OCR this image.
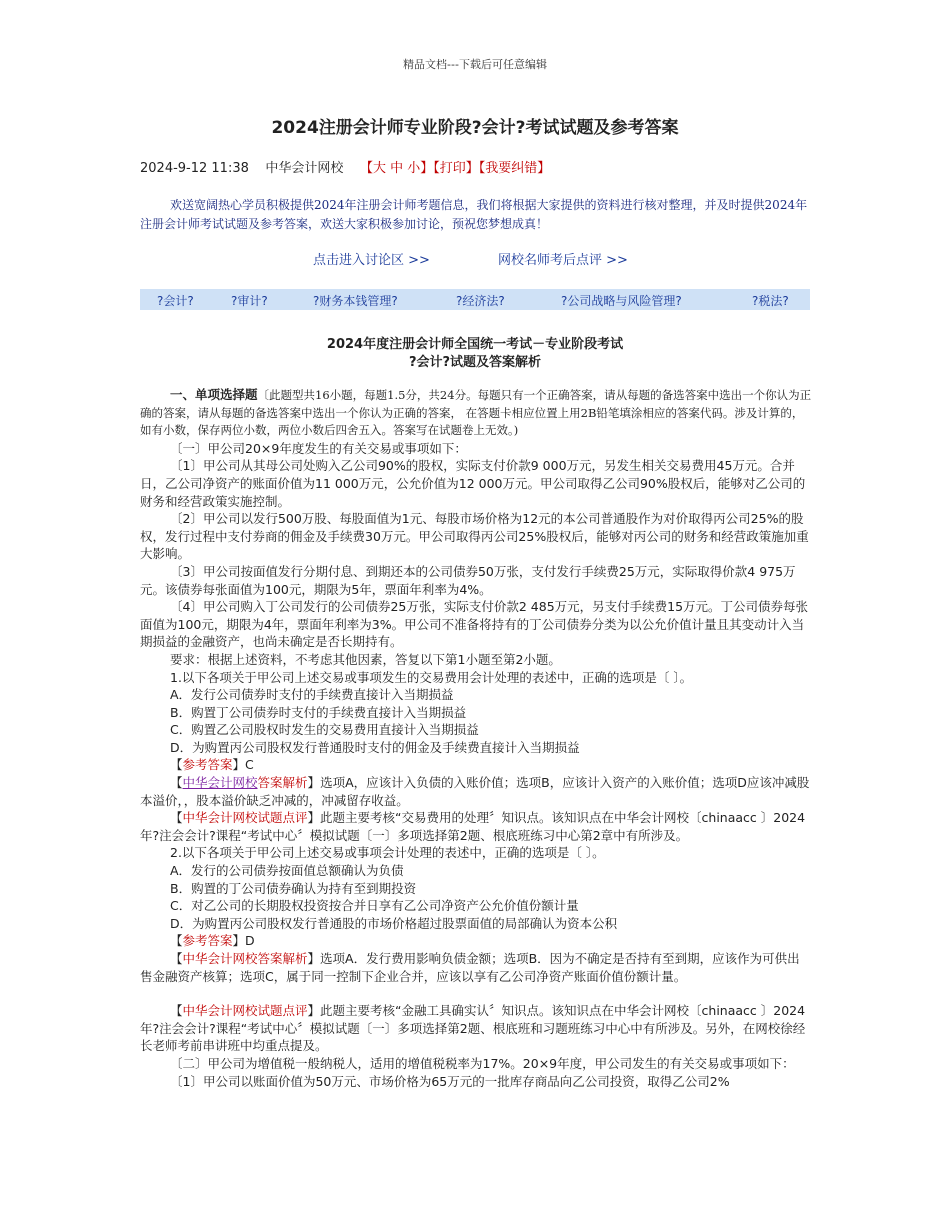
精品文档---下载后可任意编辑
2024注册会计师专业阶段?会计?考试试题及参考答案
2024-9-12 11:38 中华会计网校 【大 中 小】【打印】【我要纠错】
欢送宽阔热心学员积极提供2024年注册会计师考题信息，我们将根据大家提供的资料进行核对整理，并及时提供2024年注册会计师考试试题及参考答案，欢送大家积极参加讨论，预祝您梦想成真！
点击进入讨论区 >>	网校名师考后点评 >>
?会计?	?审计?	?财务本钱管理?	?经济法?	?公司战略与风险管理?	?税法?
2024年度注册会计师全国统一考试－专业阶段考试
?会计?试题及答案解析

一、单项选择题〔此题型共16小题，每题1.5分，共24分。每题只有一个正确答案，请从每题的备选答案中选出一个你认为正确的答案，请从每题的备选答案中选出一个你认为正确的答案， 在答题卡相应位置上用2B铅笔填涂相应的答案代码。涉及计算的，如有小数，保存两位小数，两位小数后四舍五入。答案写在试题卷上无效。)

〔一〕甲公司20×9年度发生的有关交易或事项如下：

〔1〕甲公司从其母公司处购入乙公司90%的股权，实际支付价款9 000万元，另发生相关交易费用45万元。合并日，乙公司净资产的账面价值为11 000万元，公允价值为12 000万元。甲公司取得乙公司90%股权后，能够对乙公司的财务和经营政策实施控制。

〔2〕甲公司以发行500万股、每股面值为1元、每股市场价格为12元的本公司普通股作为对价取得丙公司25%的股权，发行过程中支付券商的佣金及手续费30万元。甲公司取得丙公司25%股权后，能够对丙公司的财务和经营政策施加重大影响。

〔3〕甲公司按面值发行分期付息、到期还本的公司债券50万张，支付发行手续费25万元，实际取得价款4 975万元。该债券每张面值为100元，期限为5年，票面年利率为4%。

〔4〕甲公司购入丁公司发行的公司债券25万张，实际支付价款2 485万元，另支付手续费15万元。丁公司债券每张面值为100元，期限为4年，票面年利率为3%。甲公司不准备将持有的丁公司债券分类为以公允价值计量且其变动计入当期损益的金融资产，也尚未确定是否长期持有。

要求：根据上述资料，不考虑其他因素，答复以下第1小题至第2小题。

1.以下各项关于甲公司上述交易或事项发生的交易费用会计处理的表述中，正确的选项是〔 〕。

A．发行公司债券时支付的手续费直接计入当期损益

B．购置丁公司债券时支付的手续费直接计入当期损益

C．购置乙公司股权时发生的交易费用直接计入当期损益

D．为购置丙公司股权发行普通股时支付的佣金及手续费直接计入当期损益

【参考答案】C

【中华会计网校答案解析】选项A，应该计入负债的入账价值；选项B，应该计入资产的入账价值；选项D应该冲减股本溢价，，股本溢价缺乏冲减的，冲减留存收益。

【中华会计网校试题点评】此题主要考核“交易费用的处理〞知识点。该知识点在中华会计网校〔chinaacc 〕2024年?注会会计?课程“考试中心〞模拟试题〔一〕多项选择第2题、根底班练习中心第2章中有所涉及。

2.以下各项关于甲公司上述交易或事项会计处理的表述中，正确的选项是〔 〕。

A．发行的公司债券按面值总额确认为负债

B．购置的丁公司债券确认为持有至到期投资

C．对乙公司的长期股权投资按合并日享有乙公司净资产公允价值份额计量

D．为购置丙公司股权发行普通股的市场价格超过股票面值的局部确认为资本公积

【参考答案】D

【中华会计网校答案解析】选项A．发行费用影响负债金额；选项B．因为不确定是否持有至到期，应该作为可供出售金融资产核算；选项C，属于同一控制下企业合并，应该以享有乙公司净资产账面价值份额计量。

【中华会计网校试题点评】此题主要考核“金融工具确实认〞知识点。该知识点在中华会计网校〔chinaacc 〕2024年?注会会计?课程“考试中心〞模拟试题〔一〕多项选择第2题、根底班和习题班练习中心中有所涉及。另外，在网校徐经长老师考前串讲班中均重点提及。

〔二〕甲公司为增值税一般纳税人，适用的增值税税率为17%。20×9年度，甲公司发生的有关交易或事项如下：

〔1〕甲公司以账面价值为50万元、市场价格为65万元的一批库存商品向乙公司投资，取得乙公司2%
